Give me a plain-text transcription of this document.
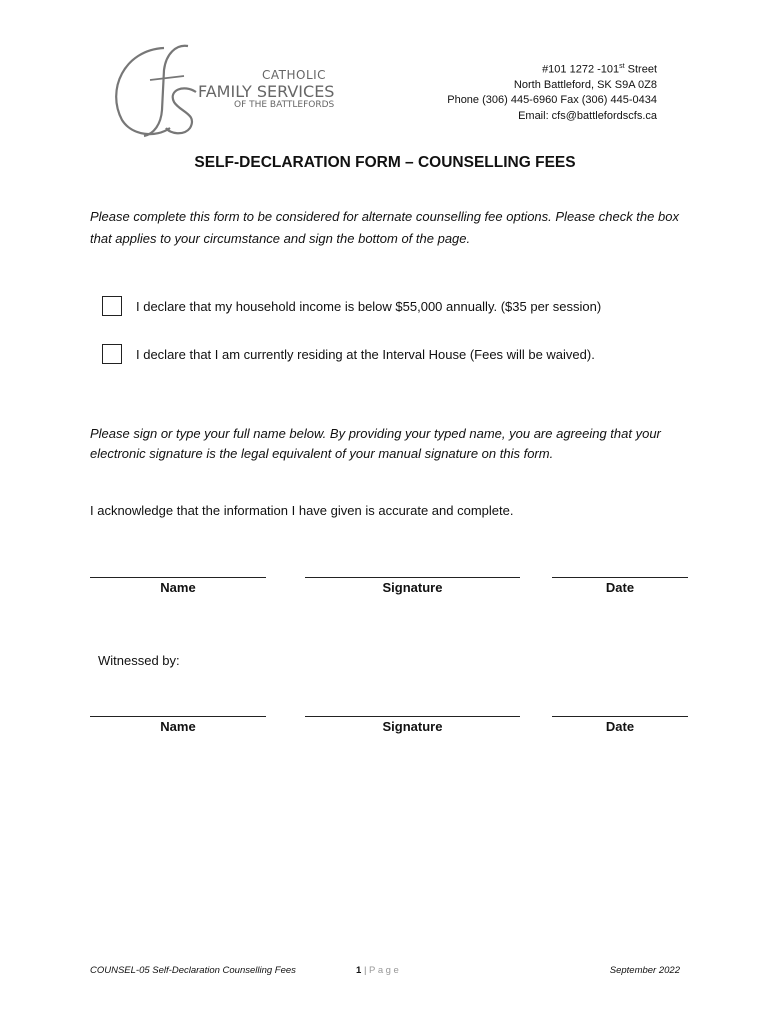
CATHOLIC
FAMILY SERVICES
OF THE BATTLEFORDS
#101 1272 -101st Street
North Battleford, SK S9A 0Z8
Phone (306) 445-6960 Fax (306) 445-0434
Email: cfs@battlefordscfs.ca
SELF-DECLARATION FORM – COUNSELLING FEES
Please complete this form to be considered for alternate counselling fee options. Please check the box that applies to your circumstance and sign the bottom of the page.
I declare that my household income is below $55,000 annually. ($35 per session)
I declare that I am currently residing at the Interval House (Fees will be waived).
Please sign or type your full name below. By providing your typed name, you are agreeing that your electronic signature is the legal equivalent of your manual signature on this form.
I acknowledge that the information I have given is accurate and complete.
Name	Signature	Date
Witnessed by:
Name	Signature	Date
COUNSEL-05 Self-Declaration Counselling Fees	1 | Page	September 2022
